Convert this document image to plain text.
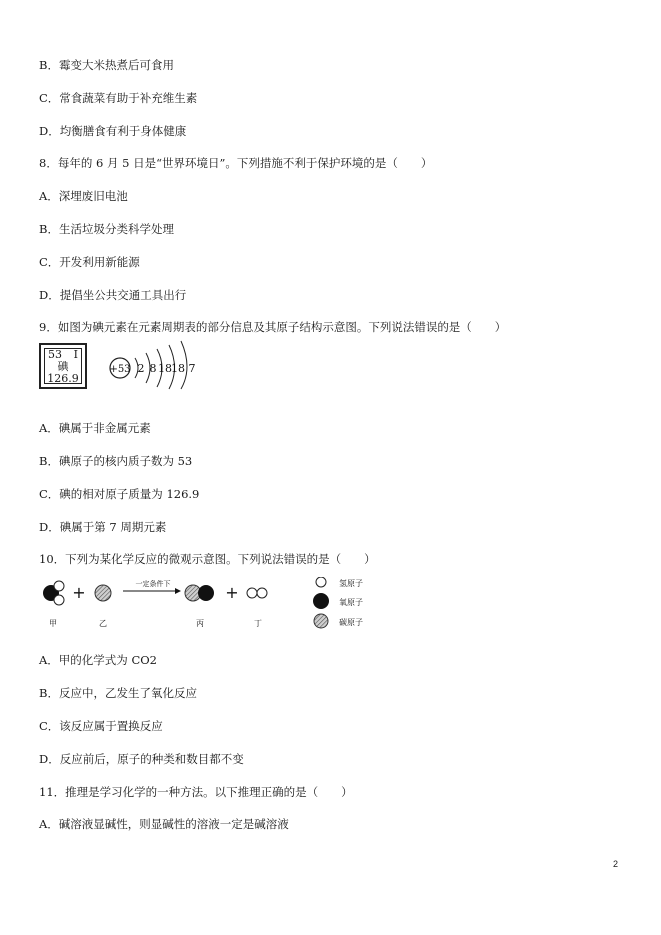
B．霉变大米热煮后可食用
C．常食蔬菜有助于补充维生素
D．均衡膳食有利于身体健康
8．每年的 6 月 5 日是“世界环境日”。下列措施不利于保护环境的是（　　）
A．深埋废旧电池
B．生活垃圾分类科学处理
C．开发利用新能源
D．提倡坐公共交通工具出行
9．如图为碘元素在元素周期表的部分信息及其原子结构示意图。下列说法错误的是（　　）
53 I
碘
126.9
+53 2 8 18 18 7
A．碘属于非金属元素
B．碘原子的核内质子数为 53
C．碘的相对原子质量为 126.9
D．碘属于第 7 周期元素
10．下列为某化学反应的微观示意图。下列说法错误的是（　　）
+	一定条件下	+
甲	乙	丙	丁
氢原子
氧原子
碳原子
A．甲的化学式为 CO2
B．反应中，乙发生了氧化反应
C．该反应属于置换反应
D．反应前后，原子的种类和数目都不变
11．推理是学习化学的一种方法。以下推理正确的是（　　）
A．碱溶液显碱性，则显碱性的溶液一定是碱溶液
2
